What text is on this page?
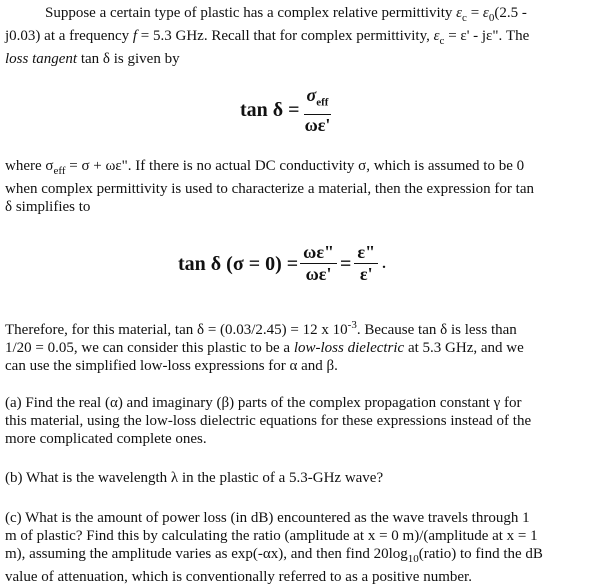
Suppose a certain type of plastic has a complex relative permittivity $\varepsilon_c = \varepsilon_0(2.5$ -
j0.03) at a frequency f = 5.3 GHz. Recall that for complex permittivity, $\varepsilon_c = \varepsilon' - j\varepsilon$". The
loss tangent tan δ is given by

$\tan \delta = \frac{\sigma_{eff}}{\omega\varepsilon'}$

where $\sigma_{eff} = \sigma + \omega\varepsilon$". If there is no actual DC conductivity σ, which is assumed to be 0
when complex permittivity is used to characterize a material, then the expression for tan
δ simplifies to

tan δ $(\sigma = 0) = \frac{\omega\varepsilon"}{\omega\varepsilon'} = \frac{\varepsilon"}{\varepsilon'}$ .

Therefore, for this material, tan δ = (0.03/2.45) = 12 x $10^{-3}$. Because tan δ is less than
1/20 = 0.05, we can consider this plastic to be a low-loss dielectric at 5.3 GHz, and we
can use the simplified low-loss expressions for α and β.

(a) Find the real (α) and imaginary (β) parts of the complex propagation constant γ for
this material, using the low-loss dielectric equations for these expressions instead of the
more complicated complete ones.

(b) What is the wavelength λ in the plastic of a 5.3-GHz wave?

(c) What is the amount of power loss (in dB) encountered as the wave travels through 1
m of plastic? Find this by calculating the ratio (amplitude at x = 0 m)/(amplitude at x = 1
m), assuming the amplitude varies as exp(-αx), and then find $20\log_{10}(ratio)$ to find the dB
value of attenuation, which is conventionally referred to as a positive number.
